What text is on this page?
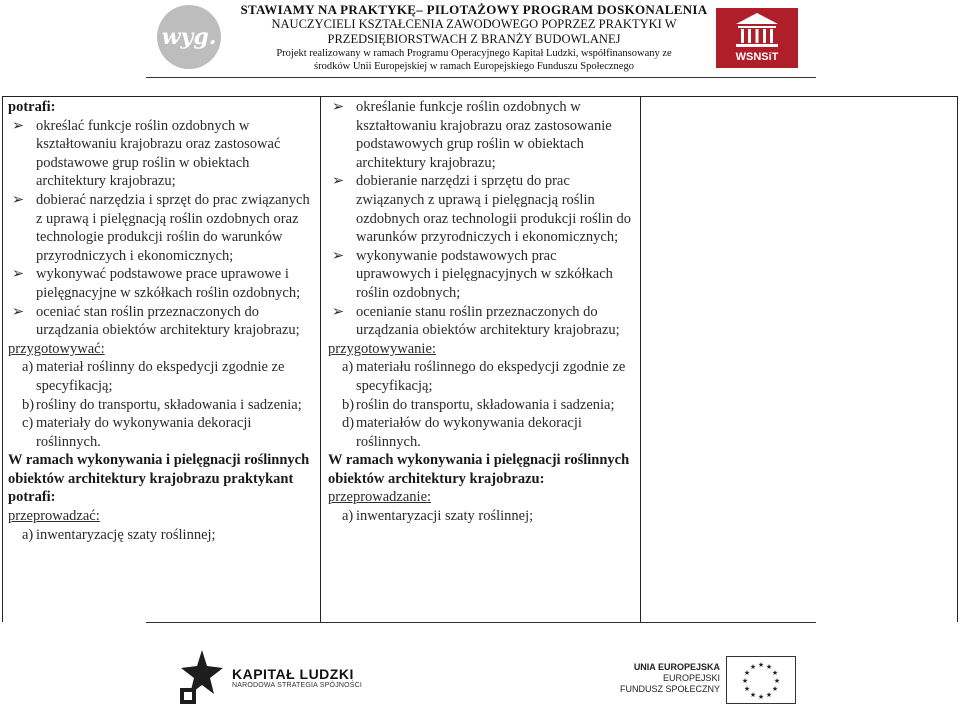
wyg.
STAWIAMY NA PRAKTYKĘ– PILOTAŻOWY PROGRAM DOSKONALENIA
NAUCZYCIELI KSZTAŁCENIA ZAWODOWEGO POPRZEZ PRAKTYKI W
PRZEDSIĘBIORSTWACH Z BRANŻY BUDOWLANEJ
Projekt realizowany w ramach Programu Operacyjnego Kapitał Ludzki, współfinansowany ze
środków Unii Europejskiej w ramach Europejskiego Funduszu Społecznego
WSNSiT
potrafi:
➢ określać funkcje roślin ozdobnych w kształtowaniu krajobrazu oraz zastosować podstawowe grup roślin w obiektach architektury krajobrazu;
➢ dobierać narzędzia i sprzęt do prac związanych z uprawą i pielęgnacją roślin ozdobnych oraz technologie produkcji roślin do warunków przyrodniczych i ekonomicznych;
➢ wykonywać podstawowe prace uprawowe i pielęgnacyjne w szkółkach roślin ozdobnych;
➢ oceniać stan roślin przeznaczonych do urządzania obiektów architektury krajobrazu;
przygotowywać:
a) materiał roślinny do ekspedycji zgodnie ze specyfikacją;
b) rośliny do transportu, składowania i sadzenia;
c) materiały do wykonywania dekoracji roślinnych.
W ramach wykonywania i pielęgnacji roślinnych obiektów architektury krajobrazu praktykant potrafi:
przeprowadzać:
a) inwentaryzację szaty roślinnej;
➢ określanie funkcje roślin ozdobnych w kształtowaniu krajobrazu oraz zastosowanie podstawowych grup roślin w obiektach architektury krajobrazu;
➢ dobieranie narzędzi i sprzętu do prac związanych z uprawą i pielęgnacją roślin ozdobnych oraz technologii produkcji roślin do warunków przyrodniczych i ekonomicznych;
➢ wykonywanie podstawowych prac uprawowych i pielęgnacyjnych w szkółkach roślin ozdobnych;
➢ ocenianie stanu roślin przeznaczonych do urządzania obiektów architektury krajobrazu;
przygotowywanie:
a) materiału roślinnego do ekspedycji zgodnie ze specyfikacją;
b) roślin do transportu, składowania i sadzenia;
d) materiałów do wykonywania dekoracji roślinnych.
W ramach wykonywania i pielęgnacji roślinnych obiektów architektury krajobrazu:
przeprowadzanie:
a) inwentaryzacji szaty roślinnej;
KAPITAŁ LUDZKI
NARODOWA STRATEGIA SPÓJNOŚCI
UNIA EUROPEJSKA
EUROPEJSKI
FUNDUSZ SPOŁECZNY
★ ★
★
★
★
★
★
★
★
★
★
★
